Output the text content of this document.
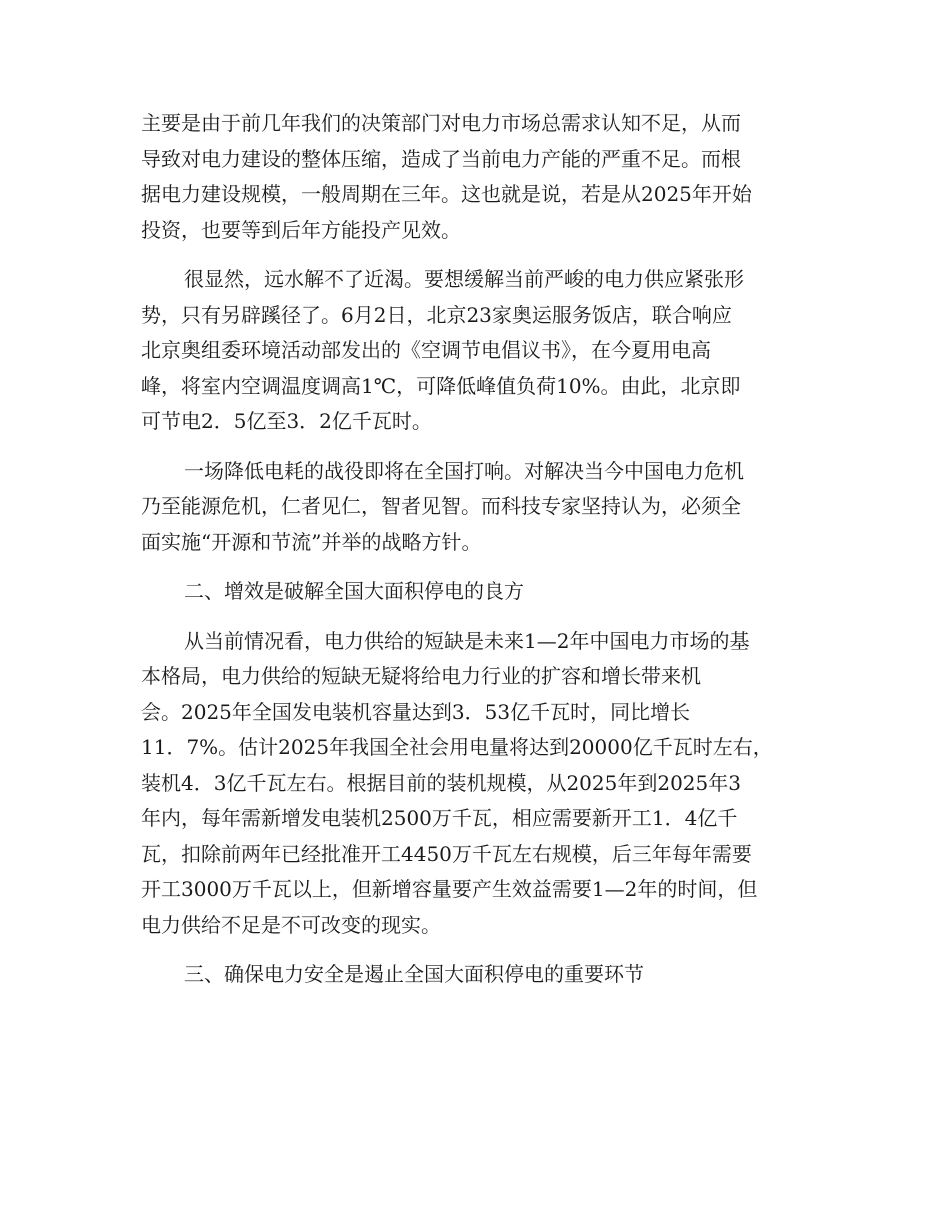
主要是由于前几年我们的决策部门对电力市场总需求认知不足，从而
导致对电力建设的整体压缩，造成了当前电力产能的严重不足。而根
据电力建设规模，一般周期在三年。这也就是说，若是从2025年开始
投资，也要等到后年方能投产见效。
很显然，远水解不了近渴。要想缓解当前严峻的电力供应紧张形
势，只有另辟蹊径了。6月2日，北京23家奥运服务饭店，联合响应
北京奥组委环境活动部发出的《空调节电倡议书》，在今夏用电高
峰，将室内空调温度调高1℃，可降低峰值负荷10%。由此，北京即
可节电2．5亿至3．2亿千瓦时。
一场降低电耗的战役即将在全国打响。对解决当今中国电力危机
乃至能源危机，仁者见仁，智者见智。而科技专家坚持认为，必须全
面实施“开源和节流”并举的战略方针。
二、增效是破解全国大面积停电的良方
从当前情况看，电力供给的短缺是未来1—2年中国电力市场的基
本格局，电力供给的短缺无疑将给电力行业的扩容和增长带来机
会。2025年全国发电装机容量达到3．53亿千瓦时，同比增长
11．7%。估计2025年我国全社会用电量将达到20000亿千瓦时左右，
装机4．3亿千瓦左右。根据目前的装机规模，从2025年到2025年3
年内，每年需新增发电装机2500万千瓦，相应需要新开工1．4亿千
瓦，扣除前两年已经批准开工4450万千瓦左右规模，后三年每年需要
开工3000万千瓦以上，但新增容量要产生效益需要1—2年的时间，但
电力供给不足是不可改变的现实。
三、确保电力安全是遏止全国大面积停电的重要环节
